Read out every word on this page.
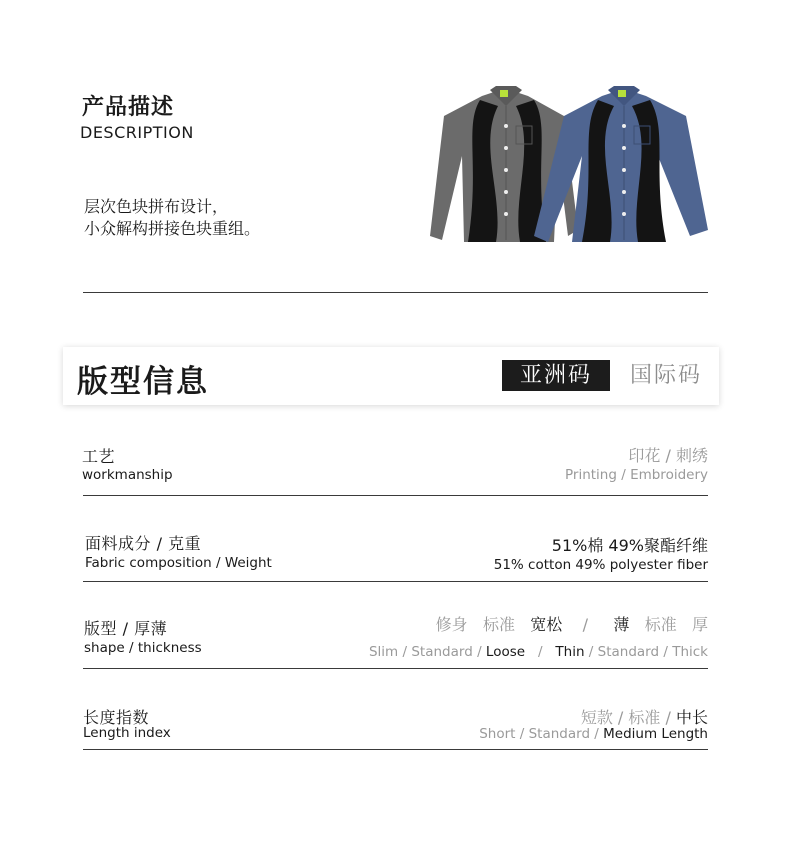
产品描述
DESCRIPTION
层次色块拼布设计，
小众解构拼接色块重组。
版型信息	亚洲码	国际码
工艺
workmanship
印花 / 刺绣
Printing / Embroidery
面料成分 / 克重
Fabric composition / Weight
51%棉 49%聚酯纤维
51% cotton 49% polyester fiber
版型 / 厚薄
shape / thickness
修身 标准 宽松 / 薄 标准 厚
Slim / Standard / Loose   /   Thin / Standard / Thick
长度指数
Length index
短款 / 标准 / 中长
Short / Standard / Medium Length
